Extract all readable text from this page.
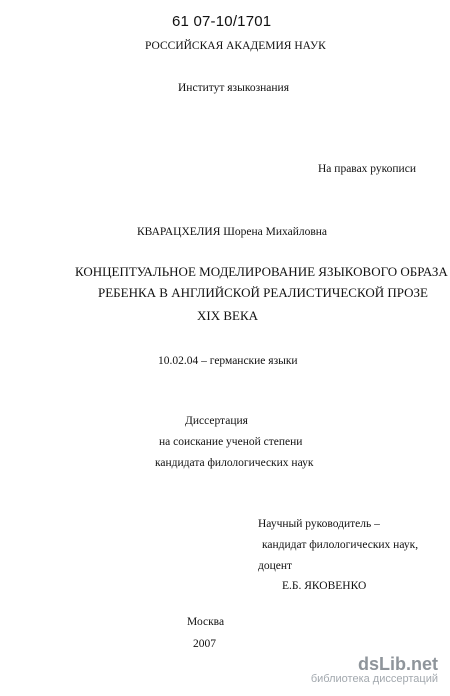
61 07-10/1701
РОССИЙСКАЯ АКАДЕМИЯ НАУК
Институт языкознания
На правах рукописи
КВАРАЦХЕЛИЯ Шорена Михайловна
КОНЦЕПТУАЛЬНОЕ МОДЕЛИРОВАНИЕ ЯЗЫКОВОГО ОБРАЗА
РЕБЕНКА В АНГЛИЙСКОЙ РЕАЛИСТИЧЕСКОЙ ПРОЗЕ
XIX ВЕКА
10.02.04 – германские языки
Диссертация
на соискание ученой степени
кандидата филологических наук
Научный руководитель –
кандидат филологических наук,
доцент
Е.Б. ЯКОВЕНКО
Москва
2007
dsLib.net
библиотека диссертаций
